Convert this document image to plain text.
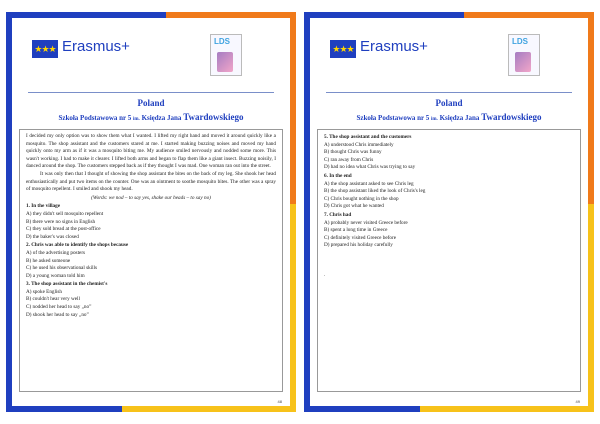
★★★ Erasmus+	LDS
Poland
Szkoła Podstawowa nr 5 im. Księdza Jana Twardowskiego

I decided my only option was to show them what I wanted. I lifted my right hand and moved it around quickly like a mosquito. The shop assistant and the customers stared at me. I started making buzzing noises and moved my hand quickly onto my arm as if it was a mosquito biting me. My audience smiled nervously and nodded some more. This wasn't working. I had to make it clearer. I lifted both arms and began to flap them like a giant insect. Buzzing noisily, I danced around the shop. The customers stepped back as if they thought I was mad. One woman ran out into the street.

It was only then that I thought of showing the shop assistant the bites on the back of my leg. She shook her head enthusiastically and put two items on the counter. One was an ointment to soothe mosquito bites. The other was a spray of mosquito repellent. I smiled and shook my head.

(Words: we nod – to say yes, shake our heads – to say no)

1. In the village

A) they didn't sell mosquito repellent

B) there were no signs in English

C) they sold bread at the post-office

D) the baker's was closed

2. Chris was able to identify the shops because

A) of the advertising posters

B) he asked someone

C) he used his observational skills

D) a young woman told him

3. The shop assistant in the chemist's

A) spoke English

B) couldn't hear very well

C) nodded her head to say „no”

D) shook her head to say „no”

48
★★★ Erasmus+	LDS
Poland
Szkoła Podstawowa nr 5 im. Księdza Jana Twardowskiego

5. The shop assistant and the customers

A) understood Chris immediately

B) thought Chris was funny

C) ran away from Chris

D) had no idea what Chris was trying to say

6. In the end

A) the shop assistant asked to see Chris leg

B) the shop assistant liked the look of Chris's leg

C) Chris bought nothing in the shop

D) Chris got what he wanted

7. Chris had

A) probably never visited Greece before

B) spent a long time in Greece

C) definitely visited Greece before

D) prepared his holiday carefully

.

49
